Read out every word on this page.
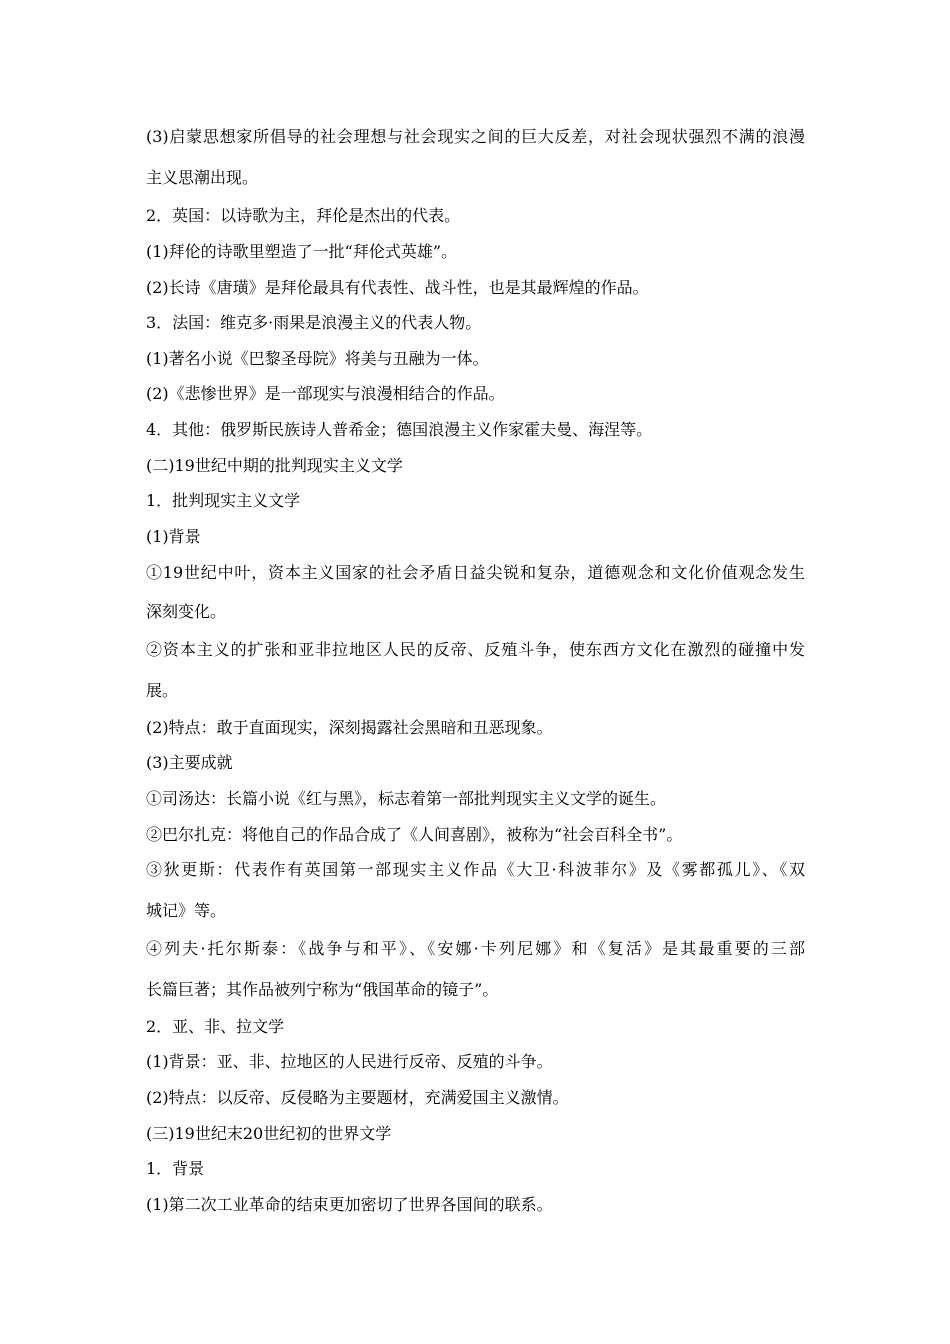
(3)启蒙思想家所倡导的社会理想与社会现实之间的巨大反差，对社会现状强烈不满的浪漫
主义思潮出现。
2．英国：以诗歌为主，拜伦是杰出的代表。
(1)拜伦的诗歌里塑造了一批“拜伦式英雄”。
(2)长诗《唐璜》是拜伦最具有代表性、战斗性，也是其最辉煌的作品。
3．法国：维克多·雨果是浪漫主义的代表人物。
(1)著名小说《巴黎圣母院》将美与丑融为一体。
(2)《悲惨世界》是一部现实与浪漫相结合的作品。
4．其他：俄罗斯民族诗人普希金；德国浪漫主义作家霍夫曼、海涅等。
(二)19世纪中期的批判现实主义文学
1．批判现实主义文学
(1)背景
①19世纪中叶，资本主义国家的社会矛盾日益尖锐和复杂，道德观念和文化价值观念发生
深刻变化。
②资本主义的扩张和亚非拉地区人民的反帝、反殖斗争，使东西方文化在激烈的碰撞中发
展。
(2)特点：敢于直面现实，深刻揭露社会黑暗和丑恶现象。
(3)主要成就
①司汤达：长篇小说《红与黑》，标志着第一部批判现实主义文学的诞生。
②巴尔扎克：将他自己的作品合成了《人间喜剧》，被称为“社会百科全书”。
③狄更斯：代表作有英国第一部现实主义作品《大卫·科波菲尔》及《雾都孤儿》、《双
城记》等。
④列夫·托尔斯泰：《战争与和平》、《安娜·卡列尼娜》和《复活》是其最重要的三部
长篇巨著；其作品被列宁称为“俄国革命的镜子”。
2．亚、非、拉文学
(1)背景：亚、非、拉地区的人民进行反帝、反殖的斗争。
(2)特点：以反帝、反侵略为主要题材，充满爱国主义激情。
(三)19世纪末20世纪初的世界文学
1．背景
(1)第二次工业革命的结束更加密切了世界各国间的联系。
